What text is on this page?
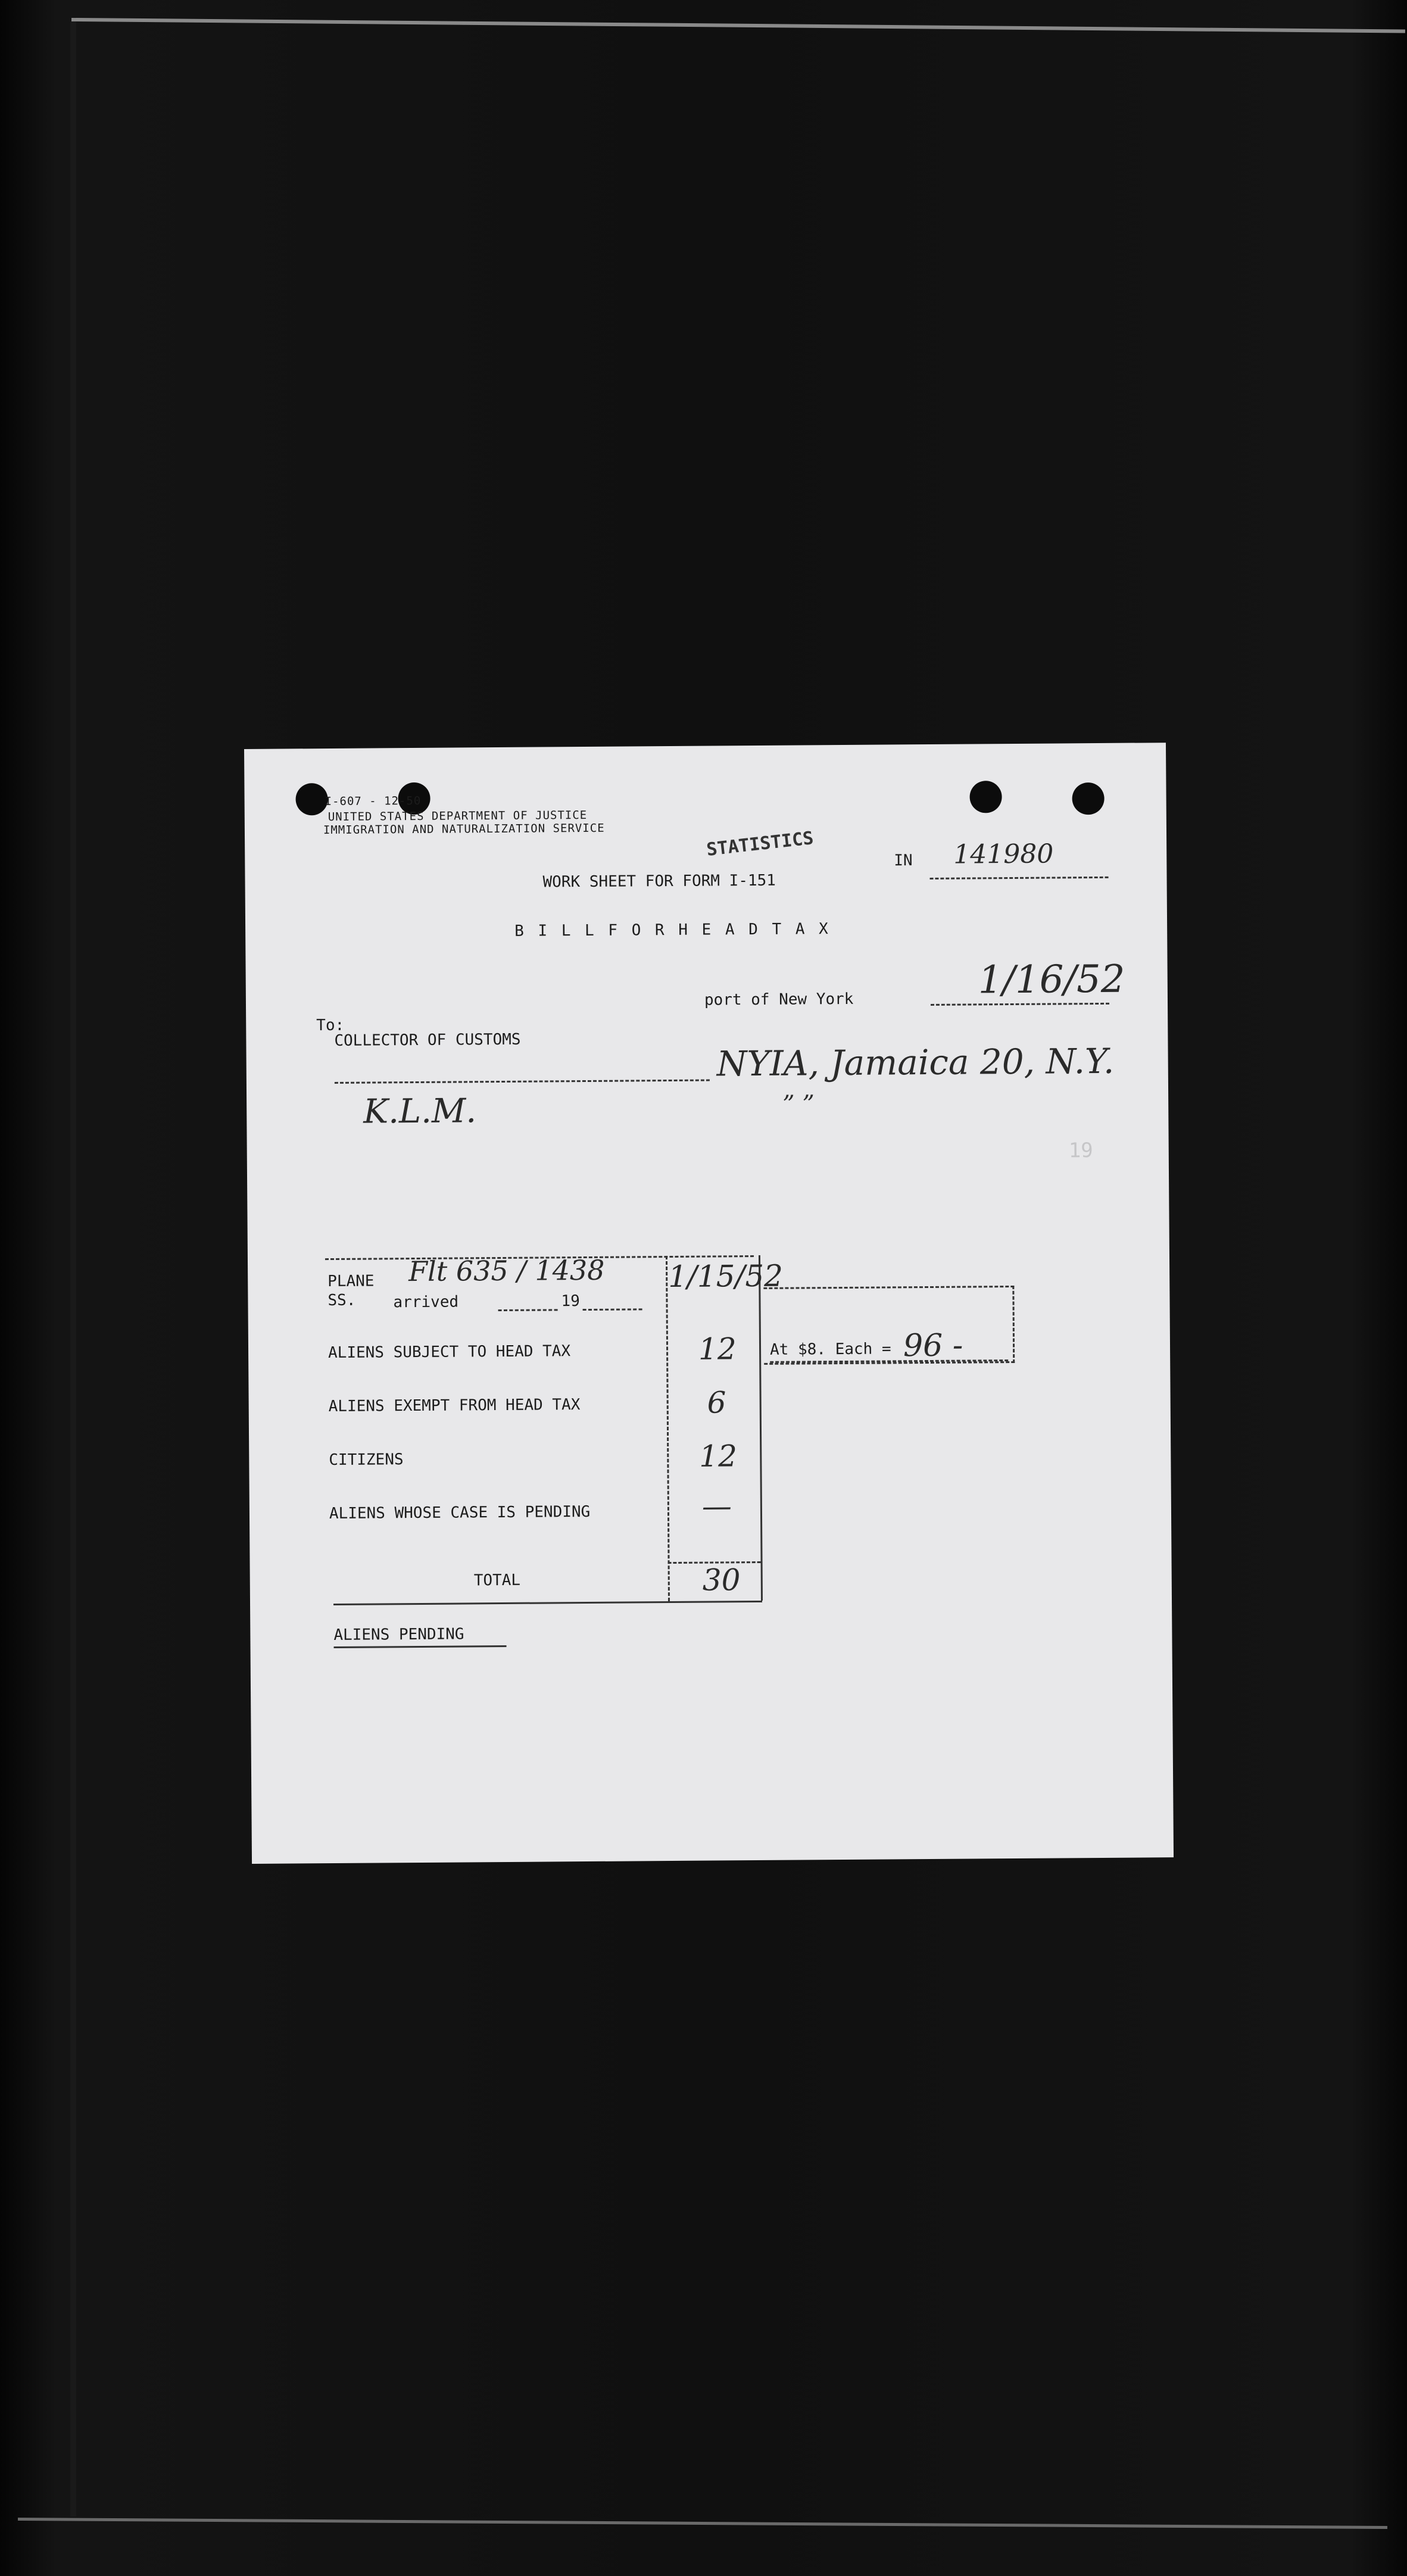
I-607 - 12-50
UNITED STATES DEPARTMENT OF JUSTICE
IMMIGRATION AND NATURALIZATION SERVICE	STATISTICS
IN 141980
WORK SHEET FOR FORM I-151
B I L L F O R H E A D T A X
port of New York	1/16/52
To:
COLLECTOR OF CUSTOMS
NYIA, Jamaica 20, N.Y.
” ”
K.L.M.
19
PLANE
SS. arrived	19
Flt 635 / 1438 1/15/52
ALIENS SUBJECT TO HEAD TAX	12
ALIENS EXEMPT FROM HEAD TAX	6
CITIZENS	12
ALIENS WHOSE CASE IS PENDING	—
TOTAL	30
At $8. Each = 96 -
ALIENS PENDING
